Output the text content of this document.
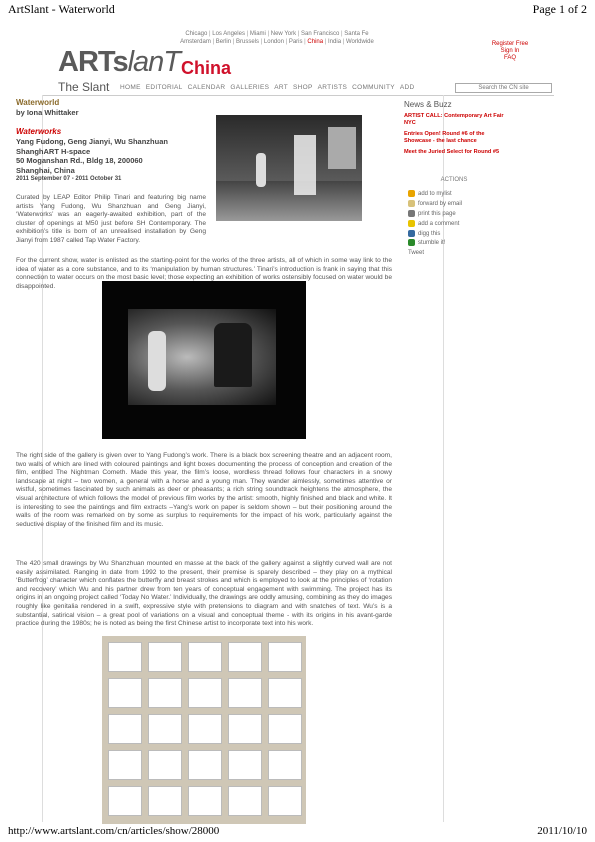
ArtSlant - Waterworld	Page 1 of 2
Chicago | Los Angeles | Miami | New York | San Francisco | Santa Fe
Amsterdam | Berlin | Brussels | London | Paris | China | India | Worldwide
ARTslanT China
Register Free
Sign In
FAQ
The Slant HOME EDITORIAL CALENDAR GALLERIES ART SHOP ARTISTS COMMUNITY ADD	Search the CN site
Waterworld
by Iona Whittaker
Waterworks
Yang Fudong, Geng Jianyi, Wu Shanzhuan
ShanghART H-space
50 Moganshan Rd., Bldg 18, 200060
Shanghai, China
2011 September 07 - 2011 October 31
Curated by LEAP Editor Philip Tinari and featuring big name artists Yang Fudong, Wu Shanzhuan and Geng Jianyi, ‘Waterworks’ was an eagerly-awaited exhibition, part of the cluster of openings at M50 just before SH Contemporary. The exhibition’s title is born of an unrealised installation by Geng Jianyi from 1987 called Tap Water Factory.
For the current show, water is enlisted as the starting-point for the works of the three artists, all of which in some way link to the idea of water as a core substance, and to its ‘manipulation by human structures.’ Tinari’s introduction is frank in saying that this connection to water occurs on the most basic level; those expecting an exhibition of works ostensibly focused on water would be disappointed.
The right side of the gallery is given over to Yang Fudong’s work. There is a black box screening theatre and an adjacent room, two walls of which are lined with coloured paintings and light boxes documenting the process of conception and creation of the film, entitled The Nightman Cometh. Made this year, the film’s loose, wordless thread follows four characters in a snowy landscape at night – two women, a general with a horse and a young man. They wander aimlessly, sometimes attentive or wistful, sometimes fascinated by such animals as deer or pheasants; a rich string soundtrack heightens the atmosphere, the visual architecture of which follows the model of previous film works by the artist: smooth, highly finished and black and white. It is interesting to see the paintings and film extracts –Yang’s work on paper is seldom shown – but their positioning around the walls of the room was remarked on by some as surplus to requirements for the impact of his work, particularly against the seductive display of the finished film and its music.
The 420 small drawings by Wu Shanzhuan mounted en masse at the back of the gallery against a slightly curved wall are not easily assimilated. Ranging in date from 1992 to the present, their premise is sparely described – they play on a mythical ‘Butterfrog’ character which conflates the butterfly and breast strokes and which is employed to look at the principles of ‘rotation and recovery’ which Wu and his partner drew from ten years of conceptual engagement with swimming. The project has its origins in an ongoing project called ‘Today No Water.’ Individually, the drawings are oddly amusing, combining as they do images roughly like genitalia rendered in a swift, expressive style with pretensions to diagram and with snatches of text. Wu’s is a substantial, satirical vision – a great pool of variations on a visual and conceptual theme - with its origins in his avant-garde practice during the 1980s; he is noted as being the first Chinese artist to incorporate text into his work.
News & Buzz
ARTIST CALL: Contemporary Art Fair NYC
Entries Open! Round #6 of the Showcase - the last chance
Meet the Juried Select for Round #5
ACTIONS
add to mylist
forward by email
print this page
add a comment
digg this
stumble it!
Tweet
http://www.artslant.com/cn/articles/show/28000	2011/10/10
